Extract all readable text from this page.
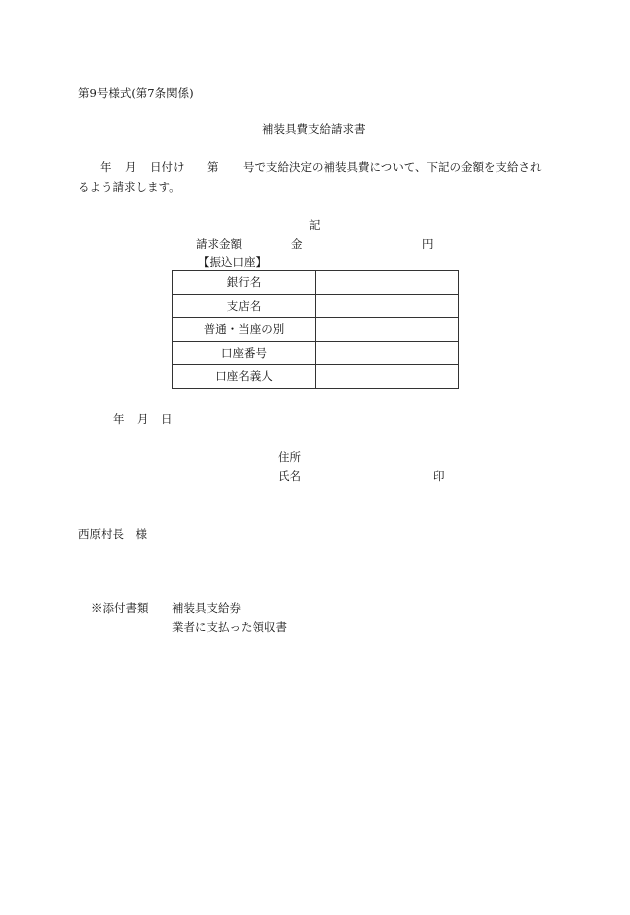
第9号様式(第7条関係)
補装具費支給請求書
年 月 日付け 第 号で支給決定の補装具費について、下記の金額を支給され
るよう請求します。
記
請求金額	金	円
【振込口座】
銀行名	
支店名	
普通・当座の別	
口座番号	
口座名義人	
年 月 日
住所
氏名	印
西原村長　様
※添付書類 補装具支給券
業者に支払った領収書
